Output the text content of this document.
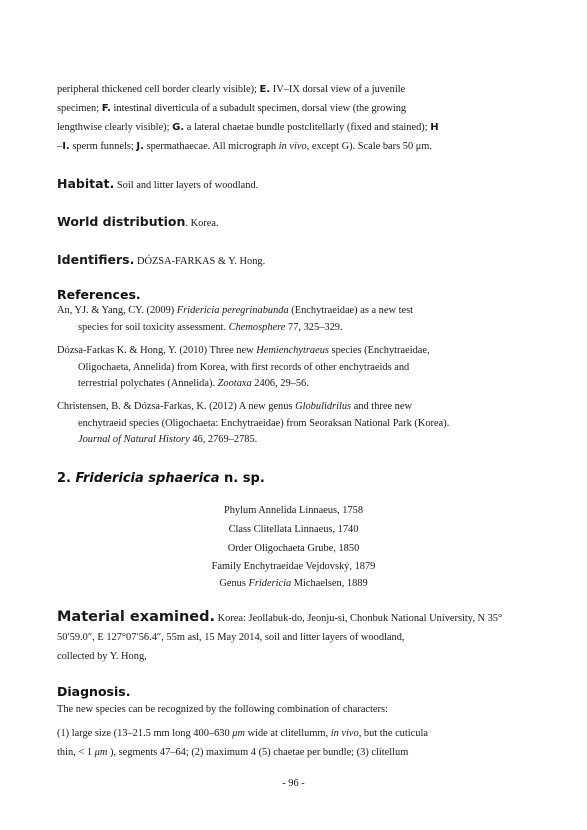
peripheral thickened cell border clearly visible); E. IV–IX dorsal view of a juvenile
specimen; F. intestinal diverticula of a subadult specimen, dorsal view (the growing
lengthwise clearly visible); G. a lateral chaetae bundle postclitellarly (fixed and stained); H
–I. sperm funnels; J. spermathaecae. All micrograph in vivo, except G). Scale bars 50 μm.
Habitat. Soil and litter layers of woodland.
World distribution. Korea.
Identifiers. DÓZSA-FARKAS & Y. Hong.
References.
An, YJ. & Yang, CY. (2009) Fridericia peregrinabunda (Enchytraeidae) as a new test
species for soil toxicity assessment. Chemosphere 77, 325–329.
Dózsa-Farkas K. & Hong, Y. (2010) Three new Hemienchytraeus species (Enchytraeidae,
Oligochaeta, Annelida) from Korea, with first records of other enchytraeids and
terrestrial polychates (Annelida). Zootaxa 2406, 29–56.
Christensen, B. & Dózsa-Farkas, K. (2012) A new genus Globulidrilus and three new
enchytraeid species (Oligochaeta: Enchytraeidae) from Seoraksan National Park (Korea).
Journal of Natural History 46, 2769–2785.
2. Fridericia sphaerica n. sp.
Phylum Annelida Linnaeus, 1758
Class Clitellata Linnaeus, 1740
Order Oligochaeta Grube, 1850
Family Enchytraeidae Vejdovský, 1879
Genus Fridericia Michaelsen, 1889
Material examined. Korea: Jeollabuk-do, Jeonju-si, Chonbuk National University, N 35°
50′59.0″, E 127°07′56.4″, 55m asl, 15 May 2014, soil and litter layers of woodland,
collected by Y. Hong,
Diagnosis.
The new species can be recognized by the following combination of characters:
(1) large size (13–21.5 mm long 400–630 μm wide at clitellumm, in vivo, but the cuticula
thin, < 1 μm ), segments 47–64; (2) maximum 4 (5) chaetae per bundle; (3) clitellum
- 96 -
